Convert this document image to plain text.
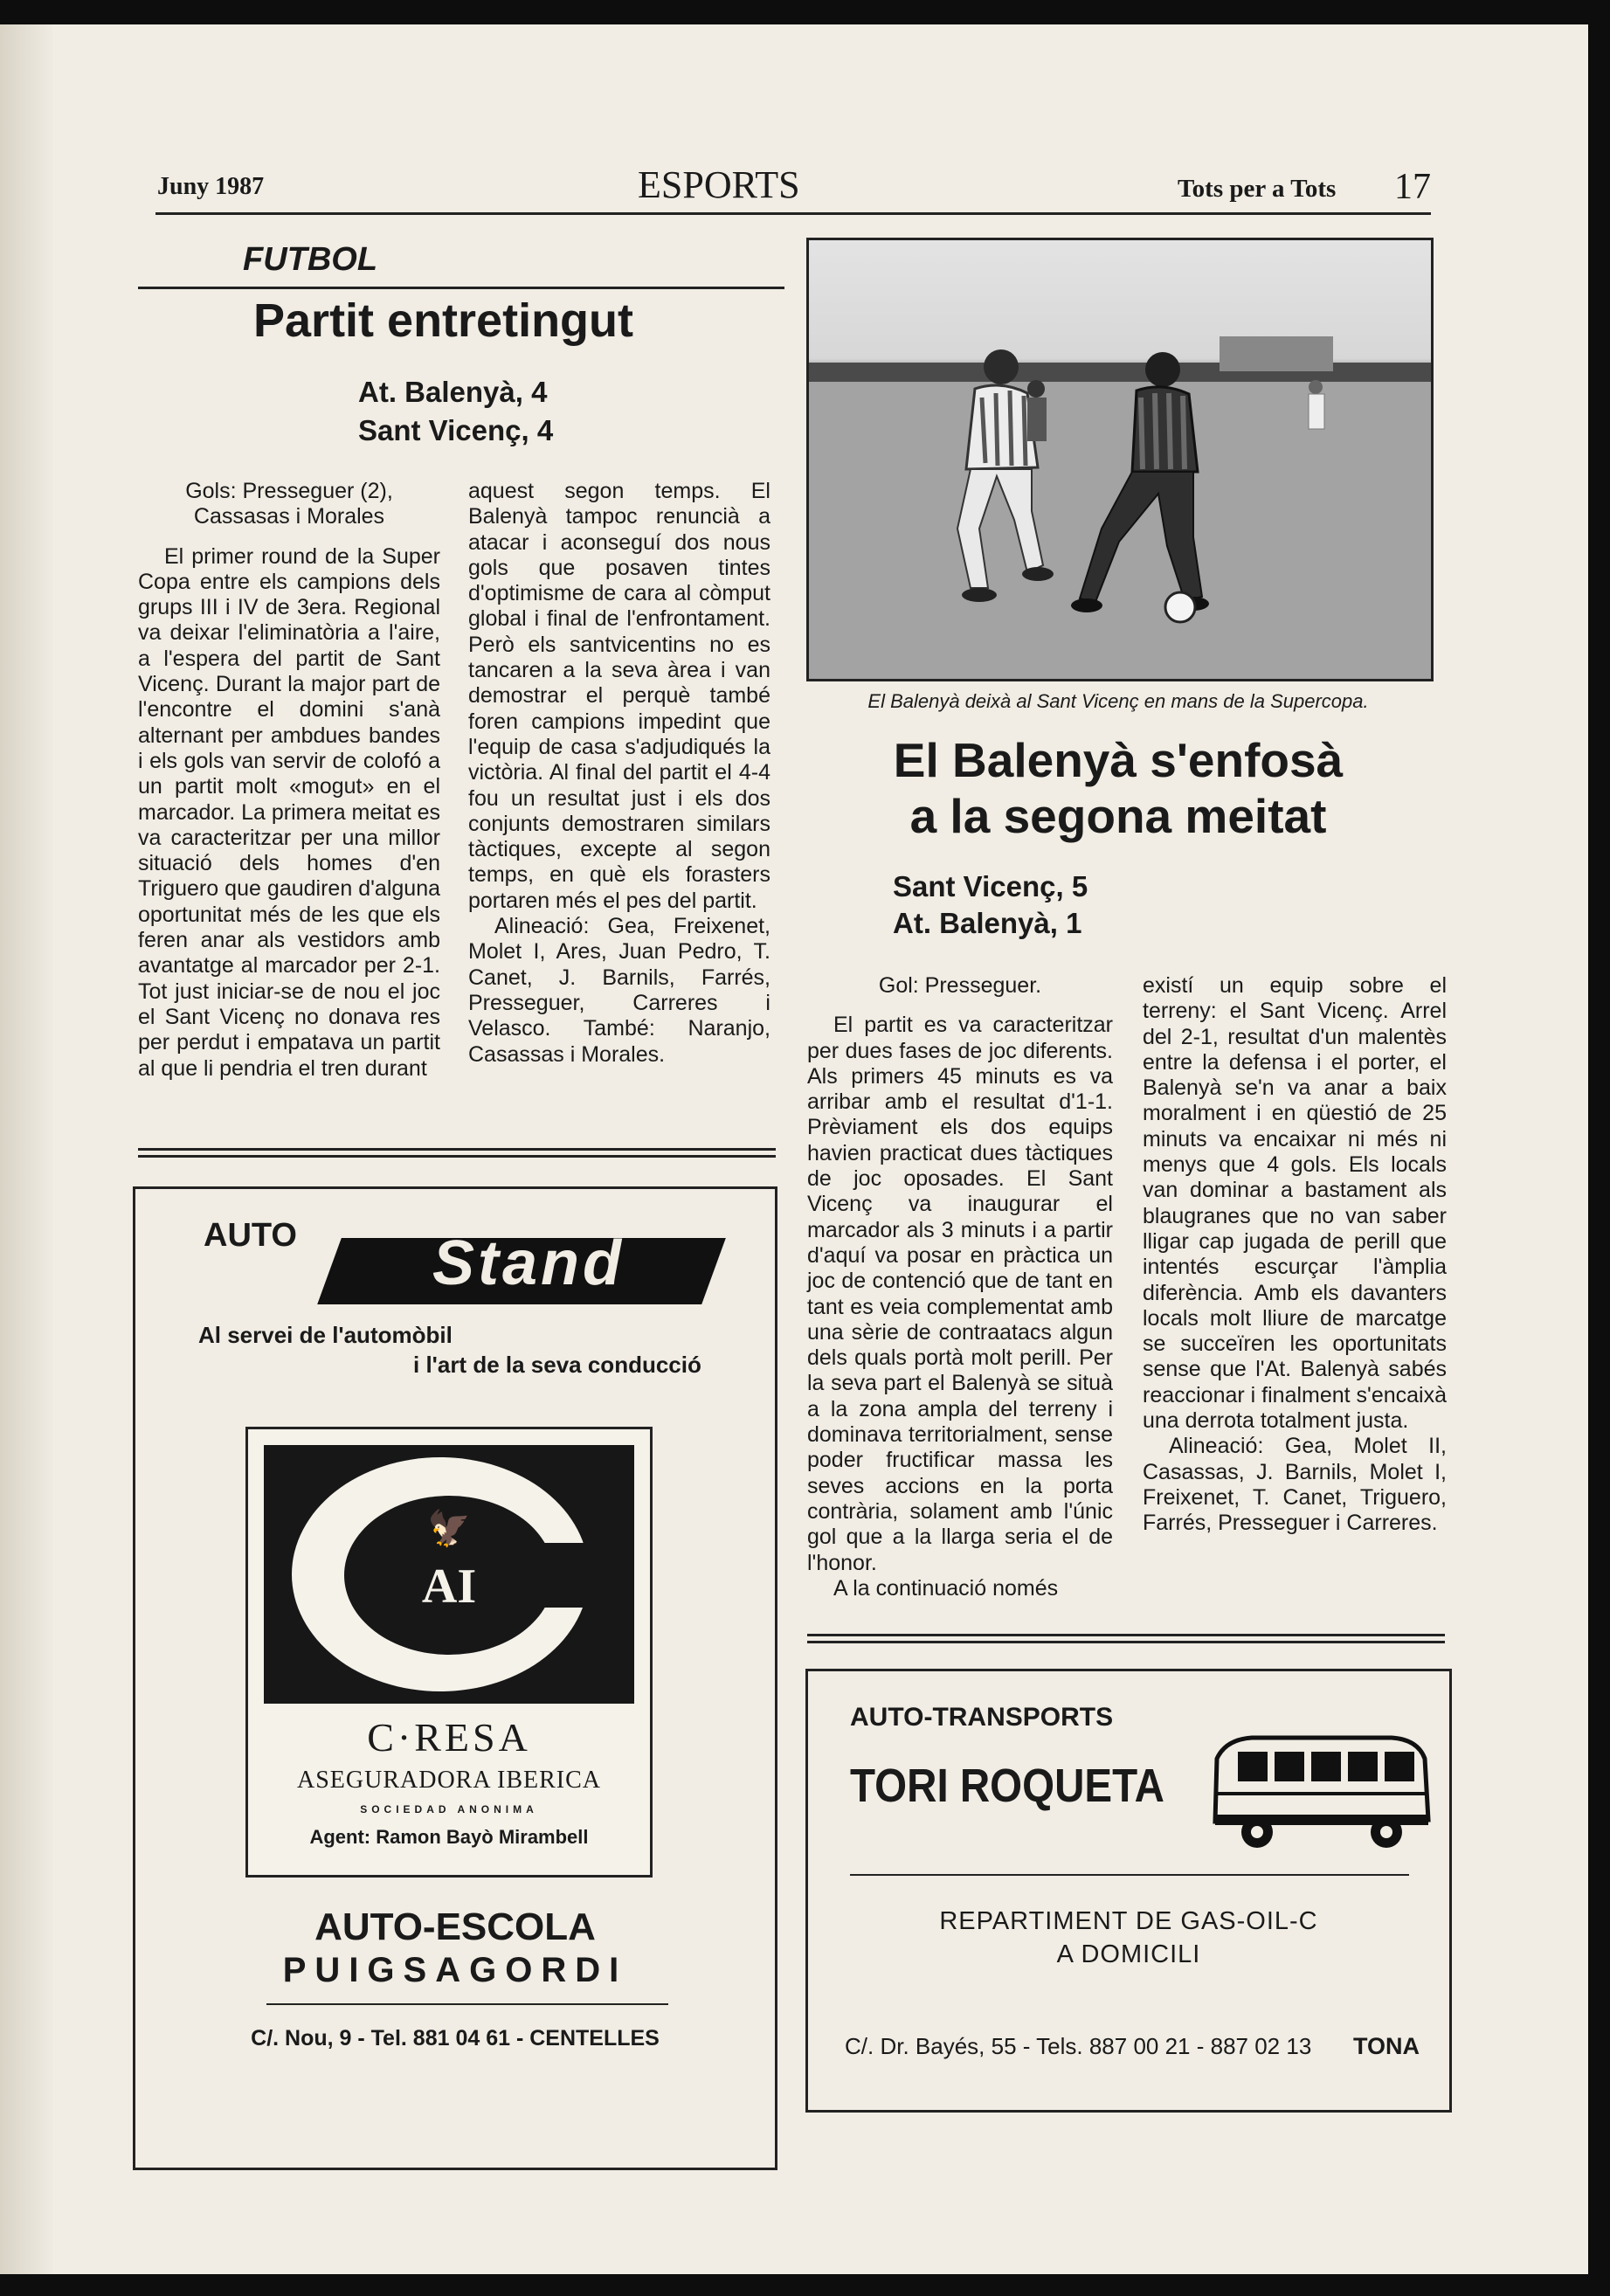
Juny 1987	ESPORTS	Tots per a Tots 17
FUTBOL
Partit entretingut
At. Balenyà, 4
Sant Vicenç, 4

Gols: Presseguer (2),

Cassasas i Morales

El primer round de la Super Copa entre els campions dels grups III i IV de 3era. Regional va deixar l'eliminatòria a l'aire, a l'espera del partit de Sant Vicenç. Durant la major part de l'encontre el domini s'anà alternant per ambdues bandes i els gols van servir de colofó a un partit molt «mogut» en el marcador. La primera meitat es va caracteritzar per una millor situació dels homes d'en Triguero que gaudiren d'alguna oportunitat més de les que els feren anar als vestidors amb avantatge al marcador per 2-1. Tot just iniciar-se de nou el joc el Sant Vicenç no donava res per perdut i empatava un partit al que li pendria el tren durant

aquest segon temps. El Balenyà tampoc renuncià a atacar i aconseguí dos nous gols que posaven tintes d'optimisme de cara al còmput global i final de l'enfrontament. Però els santvicentins no es tancaren a la seva àrea i van demostrar el perquè també foren campions impedint que l'equip de casa s'adjudiqués la victòria. Al final del partit el 4-4 fou un resultat just i els dos conjunts demostraren similars tàctiques, excepte al segon temps, en què els forasters portaren més el pes del partit.

Alineació: Gea, Freixenet, Molet I, Ares, Juan Pedro, T. Canet, J. Barnils, Farrés, Presseguer, Carreres i Velasco. També: Naranjo, Casassas i Morales.

El Balenyà deixà al Sant Vicenç en mans de la Supercopa.
El Balenyà s'enfosà
a la segona meitat
Sant Vicenç, 5
At. Balenyà, 1

Gol: Presseguer.

El partit es va caracteritzar per dues fases de joc diferents. Als primers 45 minuts es va arribar amb el resultat d'1-1. Prèviament els dos equips havien practicat dues tàctiques de joc oposades. El Sant Vicenç va inaugurar el marcador als 3 minuts i a partir d'aquí va posar en pràctica un joc de contenció que de tant en tant es veia complementat amb una sèrie de contraatacs algun dels quals portà molt perill. Per la seva part el Balenyà se situà a la zona ampla del terreny i dominava territorialment, sense poder fructificar massa les seves accions en la porta contrària, solament amb l'únic gol que a la llarga seria el de l'honor.

A la continuació només

existí un equip sobre el terreny: el Sant Vicenç. Arrel del 2-1, resultat d'un malentès entre la defensa i el porter, el Balenyà se'n va anar a baix moralment i en qüestió de 25 minuts va encaixar ni més ni menys que 4 gols. Els locals van dominar a bastament als blaugranes que no van saber lligar cap jugada de perill que intentés escurçar l'àmplia diferència. Amb els davanters locals molt lliure de marcatge se succeïren les oportunitats sense que l'At. Balenyà sabés reaccionar i finalment s'encaixà una derrota totalment justa.

Alineació: Gea, Molet II, Casassas, J. Barnils, Molet I, Freixenet, T. Canet, Triguero, Farrés, Presseguer i Carreres.

AUTO	Stand
Al servei de l'automòbil
i l'art de la seva conducció
🦅
AI
C·RESA
ASEGURADORA IBERICA
SOCIEDAD ANONIMA
Agent: Ramon Bayò Mirambell
AUTO-ESCOLA
PUIGSAGORDI
C/. Nou, 9 - Tel. 881 04 61 - CENTELLES
AUTO-TRANSPORTS
TORI ROQUETA
REPARTIMENT DE GAS-OIL-C
A DOMICILI
C/. Dr. Bayés, 55 - Tels. 887 00 21 - 887 02 13 TONA
